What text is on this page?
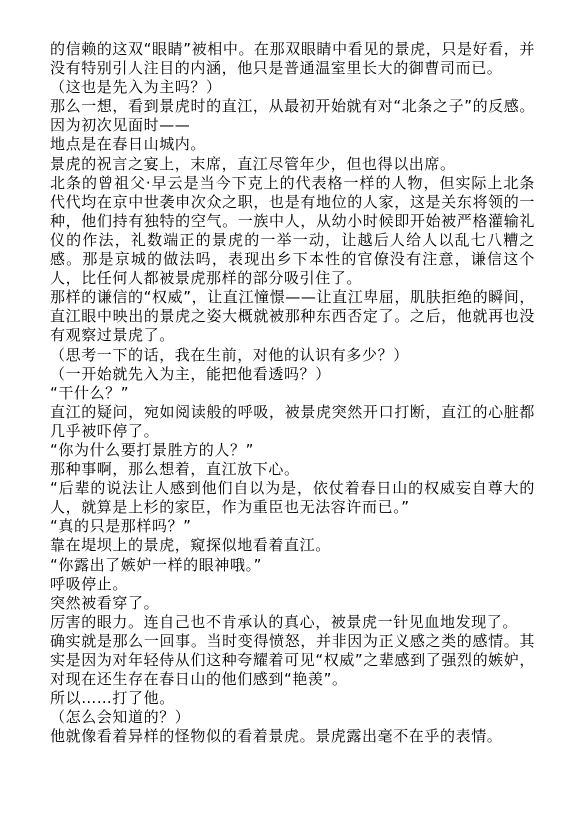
的信赖的这双“眼睛”被相中。在那双眼睛中看见的景虎，只是好看，并没有特别引人注目的内涵，他只是普通温室里长大的御曹司而已。

（这也是先入为主吗？）

那么一想，看到景虎时的直江，从最初开始就有对“北条之子”的反感。因为初次见面时——

地点是在春日山城内。

景虎的祝言之宴上，末席，直江尽管年少，但也得以出席。

北条的曾祖父·早云是当今下克上的代表格一样的人物，但实际上北条代代均在京中世袭申次众之职，也是有地位的人家，这是关东将领的一种，他们持有独特的空气。一族中人，从幼小时候即开始被严格灌输礼仪的作法，礼数端正的景虎的一举一动，让越后人给人以乱七八糟之感。那是京城的做法吗，表现出乡下本性的官僚没有注意，谦信这个人，比任何人都被景虎那样的部分吸引住了。

那样的谦信的“权威”，让直江憧憬——让直江卑屈，肌肤拒绝的瞬间，直江眼中映出的景虎之姿大概就被那种东西否定了。之后，他就再也没有观察过景虎了。

（思考一下的话，我在生前，对他的认识有多少？）

（一开始就先入为主，能把他看透吗？）

“干什么？”

直江的疑问，宛如阅读般的呼吸，被景虎突然开口打断，直江的心脏都几乎被吓停了。

“你为什么要打景胜方的人？”

那种事啊，那么想着，直江放下心。

“后辈的说法让人感到他们自以为是，依仗着春日山的权威妄自尊大的人，就算是上杉的家臣，作为重臣也无法容许而已。”

“真的只是那样吗？”

靠在堤坝上的景虎，窥探似地看着直江。

“你露出了嫉妒一样的眼神哦。”

呼吸停止。

突然被看穿了。

厉害的眼力。连自己也不肯承认的真心，被景虎一针见血地发现了。

确实就是那么一回事。当时变得愤怒，并非因为正义感之类的感情。其实是因为对年轻侍从们这种夸耀着可见“权威”之辈感到了强烈的嫉妒，对现在还生存在春日山的他们感到“艳羡”。

所以……打了他。

（怎么会知道的？）

他就像看着异样的怪物似的看着景虎。景虎露出毫不在乎的表情。
